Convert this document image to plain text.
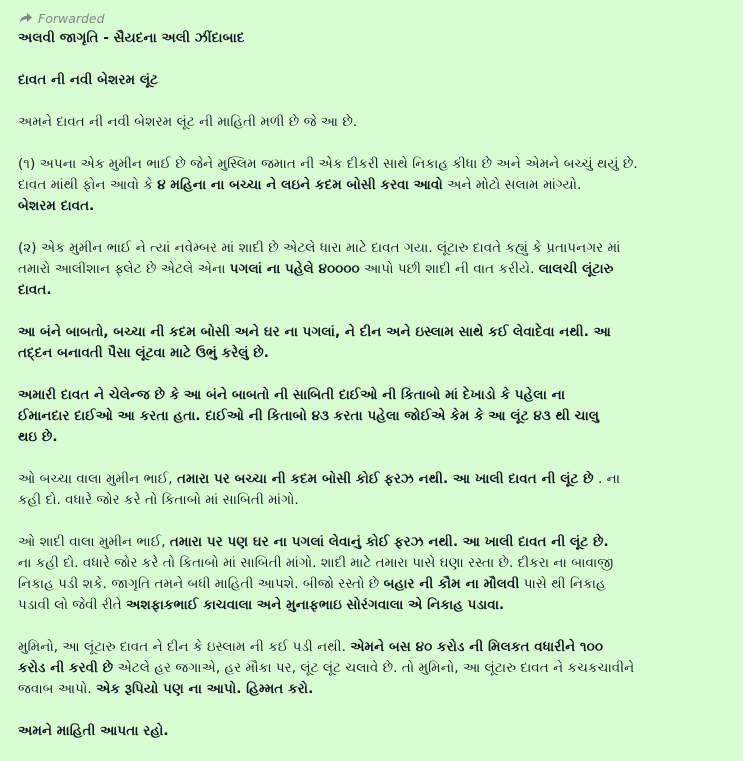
Forwarded
અલવી જાગૃતિ - સૈયદના અલી ઝીંદાબાદ
દાવત ની નવી બેશરમ લૂંટ
અમને દાવત ની નવી બેશરમ લૂંટ ની માહિતી મળી છે જે આ છે.
(૧) અપના એક મુમીન ભાઈ છે જેને મુસ્લિમ જમાત ની એક દીકરી સાથે નિકાહ કીધા છે અને એમને બચ્ચું થયું છે.
દાવત માંથી ફોન આવો કે ૪ મહિના ના બચ્ચા ને લઇને કદમ બોસી કરવા આવો અને મોટો સલામ માંગ્યો.
બેશરમ દાવત.
(૨) એક મુમીન ભાઈ ને ત્યાં નવેમ્બર માં શાદી છે એટલે ધારા માટે દાવત ગયા. લૂંટારુ દાવતે કહ્યું કે પ્રતાપનગર માં
તમારો આલીશાન ફ્લેટ છે એટલે એના પગલાં ના પહેલે ૪૦૦૦૦ આપો પછી શાદી ની વાત કરીયે. લાલચી લૂંટારુ
દાવત.
આ બંને બાબતો, બચ્ચા ની કદમ બોસી અને ઘર ના પગલાં, ને દીન અને ઇસ્લામ સાથે કઈ લેવાદેવા નથી. આ
તદ્દન બનાવતી પૈસા લૂંટવા માટે ઉભું કરેલું છે.
અમારી દાવત ને ચેલેન્જ છે કે આ બંને બાબતો ની સાબિતી દાઈઓ ની કિતાબો માં દેખાડો કે પહેલા ના
ઈમાનદાર દાઈઓ આ કરતા હતા. દાઈઓ ની કિતાબો ૪૩ કરતા પહેલા જોઈએ કેમ કે આ લૂંટ ૪૩ થી ચાલુ
થઇ છે.
ઓ બચ્ચા વાલા મુમીન ભાઈ, તમારા પર બચ્ચા ની કદમ બોસી કોઈ ફરઝ નથી. આ ખાલી દાવત ની લૂંટ છે . ના
કહી દો. વધારે જોર કરે તો કિતાબો માં સાબિતી માંગો.
ઓ શાદી વાલા મુમીન ભાઈ, તમારા પર પણ ઘર ના પગલાં લેવાનું કોઈ ફરઝ નથી. આ ખાલી દાવત ની લૂંટ છે.
ના કહી દો. વધારે જોર કરે તો કિતાબો માં સાબિતી માંગો. શાદી માટે તમારા પાસે ઘણા રસ્તા છે. દીકરા ના બાવાજી
નિકાહ પડી શકે. જાગૃતિ તમને બધી માહિતી આપશે. બીજો રસ્તો છે બહાર ની કૌમ ના મૌલવી પાસે થી નિકાહ
પડાવી લો જેવી રીતે અશફાકભાઈ કાચવાલા અને મુનાફભાઇ સોરંગવાલા એ નિકાહ પડાવા.
મુમિનો, આ લૂંટારુ દાવત ને દીન કે ઇસ્લામ ની કઈ પડી નથી. એમને બસ ૪૦ કરોડ ની મિલકત વધારીને ૧૦૦
કરોડ ની કરવી છે એટલે હર જગાએ, હર મૌકા પર, લૂંટ લૂંટ ચલાવે છે. તો મુમિનો, આ લૂંટારુ દાવત ને કચકચાવીને
જવાબ આપો. એક રૂપિયો પણ ના આપો. હિમ્મત કરો.
અમને માહિતી આપતા રહો.
